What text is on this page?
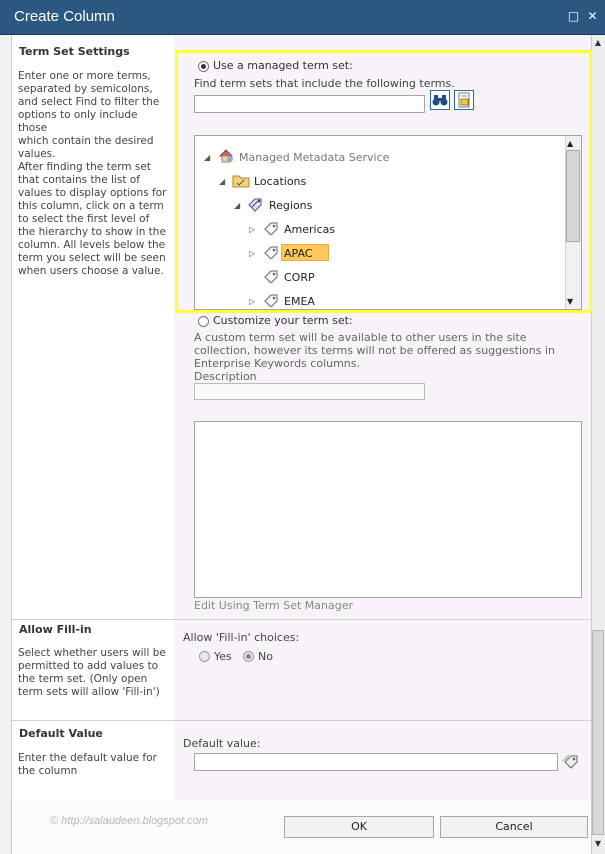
Create Column	□ ✕
▲
▼
Term Set Settings
Enter one or more terms,
separated by semicolons,
and select Find to filter the
options to only include those
which contain the desired
values.
After finding the term set
that contains the list of
values to display options for
this column, click on a term
to select the first level of
the hierarchy to show in the
column. All levels below the
term you select will be seen
when users choose a value.
Use a managed term set:
Find term sets that include the following terms.
▲
▼
◢	Managed Metadata Service
◢	Locations
◢	Regions
▷	Americas
▷	APAC
CORP
▷	EMEA
Customize your term set:
A custom term set will be available to other users in the site
collection, however its terms will not be offered as suggestions in
Enterprise Keywords columns.
Description
Edit Using Term Set Manager
Allow Fill-in
Select whether users will be
permitted to add values to
the term set. (Only open
term sets will allow 'Fill-in')
Allow 'Fill-in' choices:
Yes No
Default Value
Enter the default value for
the column
Default value:
© http://salaudeen.blogspot.com	OK	Cancel
